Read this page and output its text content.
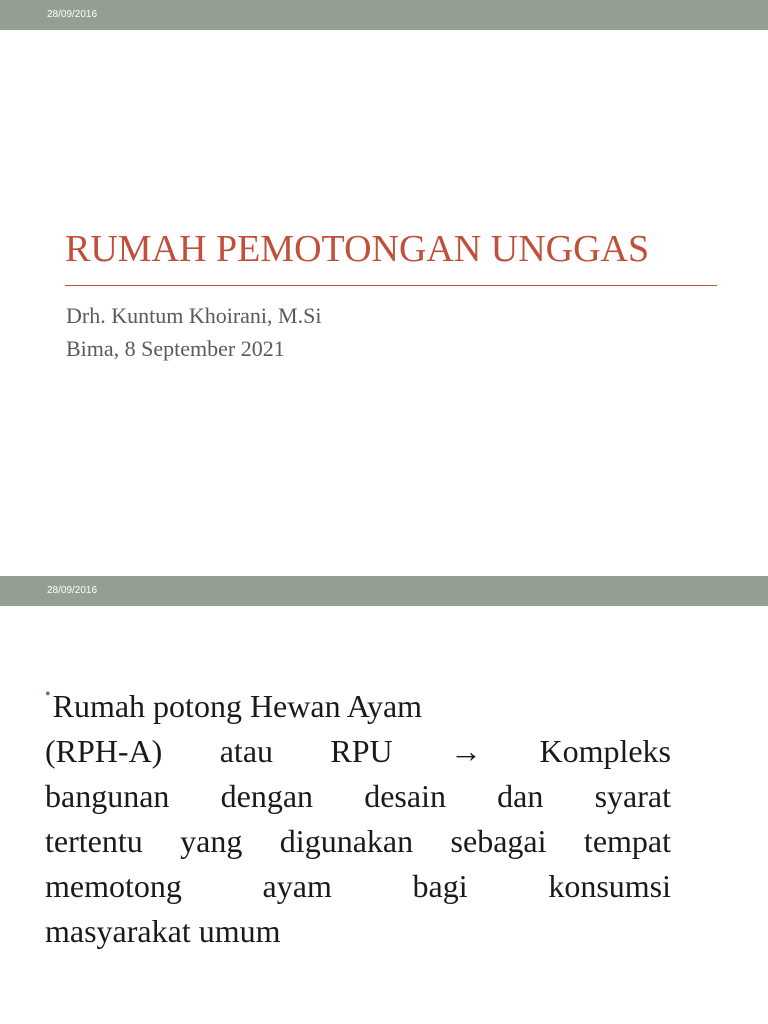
28/09/2016
RUMAH PEMOTONGAN UNGGAS
Drh. Kuntum Khoirani, M.Si
Bima, 8 September 2021
28/09/2016
•Rumah potong Hewan Ayam
(RPH-A) atau RPU → Kompleks
bangunan dengan desain dan syarat
tertentu yang digunakan sebagai tempat
memotong ayam bagi konsumsi
masyarakat umum
